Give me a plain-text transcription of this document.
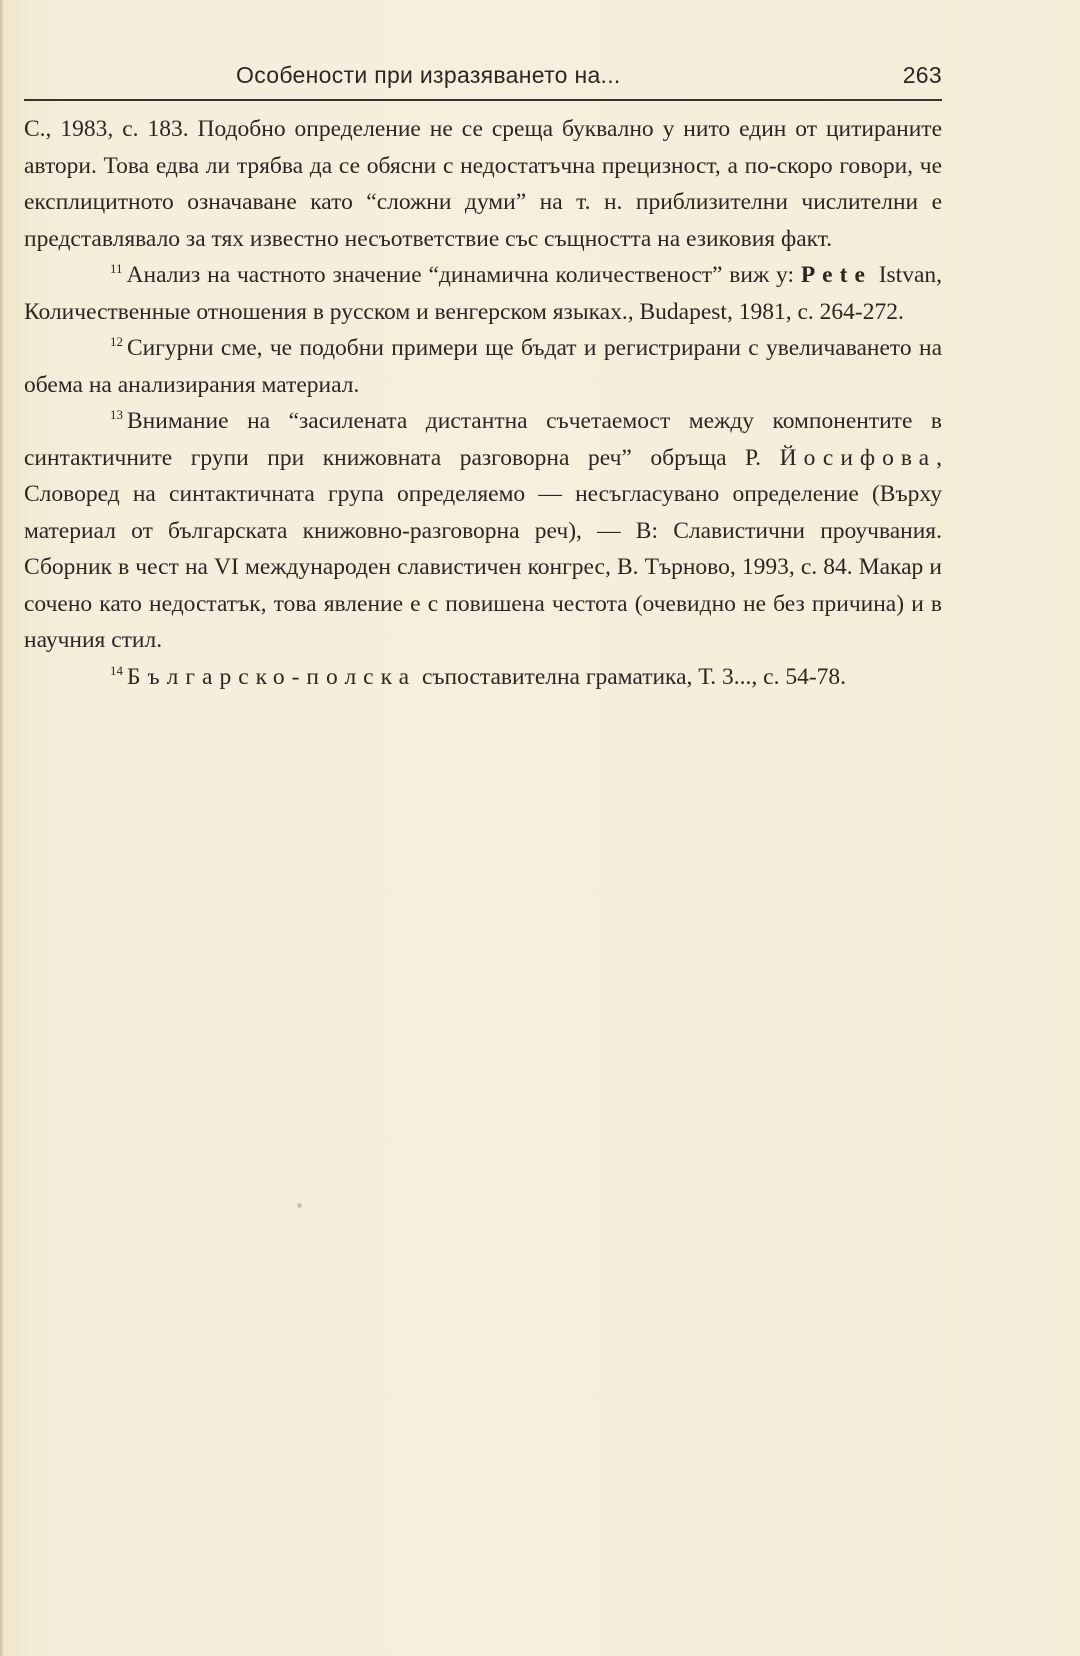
Особености при изразяването на...	263

С., 1983, с. 183. Подобно определение не се среща буквално у нито един от цитираните автори. Това едва ли трябва да се обясни с недостатъчна прецизност, а по-скоро говори, че експлицитното означаване като “сложни думи” на т. н. приблизителни числителни е представлявало за тях известно несъответствие със същността на езиковия факт.

$^{11}$ Анализ на частното значение “динамична количественост” виж у: Pete Istvan, Количественные отношения в русском и венгерском языках., Budapest, 1981, с. 264-272.

$^{12}$ Сигурни сме, че подобни примери ще бъдат и регистрирани с увеличаването на обема на анализирания материал.

$^{13}$ Внимание на “засилената дистантна съчетаемост между компонентите в синтактичните групи при книжовната разговорна реч” обръща Р. Йосифова, Словоред на синтактичната група определяемо — несъгласувано определение (Върху материал от българската книжовно-разговорна реч), — В: Славистични проучвания. Сборник в чест на VI международен славистичен конгрес, В. Търново, 1993, с. 84. Макар и сочено като недостатък, това явление е с повишена честота (очевидно не без причина) и в научния стил.

$^{14}$ Българско-полска съпоставителна граматика, Т. 3..., с. 54-78.
